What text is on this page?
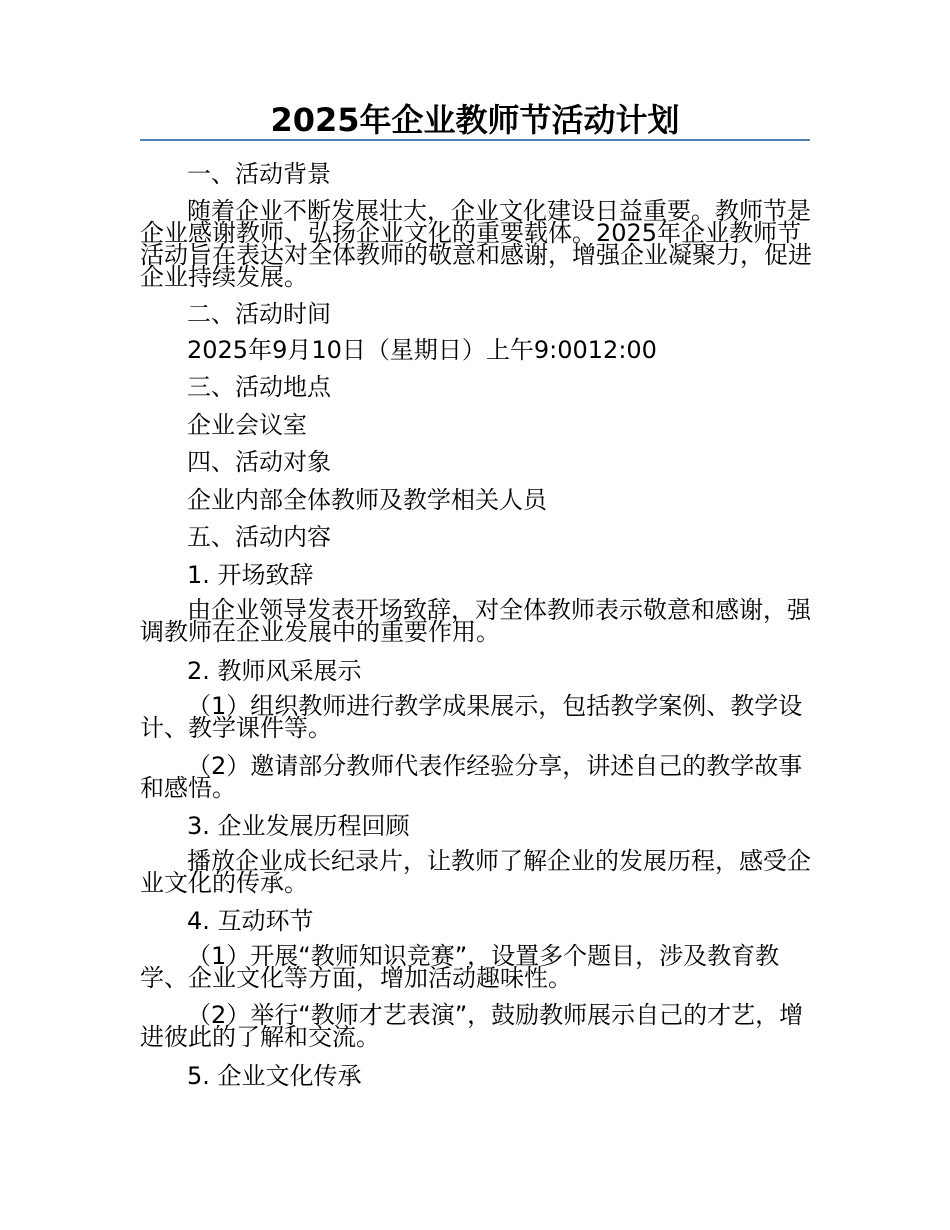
2025年企业教师节活动计划
一、活动背景
随着企业不断发展壮大，企业文化建设日益重要。教师节是企业感谢教师、弘扬企业文化的重要载体。2025年企业教师节活动旨在表达对全体教师的敬意和感谢，增强企业凝聚力，促进企业持续发展。
二、活动时间
2025年9月10日（星期日）上午9:0012:00
三、活动地点
企业会议室
四、活动对象
企业内部全体教师及教学相关人员
五、活动内容
1. 开场致辞
由企业领导发表开场致辞，对全体教师表示敬意和感谢，强调教师在企业发展中的重要作用。
2. 教师风采展示
（1）组织教师进行教学成果展示，包括教学案例、教学设计、教学课件等。
（2）邀请部分教师代表作经验分享，讲述自己的教学故事和感悟。
3. 企业发展历程回顾
播放企业成长纪录片，让教师了解企业的发展历程，感受企业文化的传承。
4. 互动环节
（1）开展“教师知识竞赛”，设置多个题目，涉及教育教学、企业文化等方面，增加活动趣味性。
（2）举行“教师才艺表演”，鼓励教师展示自己的才艺，增进彼此的了解和交流。
5. 企业文化传承
